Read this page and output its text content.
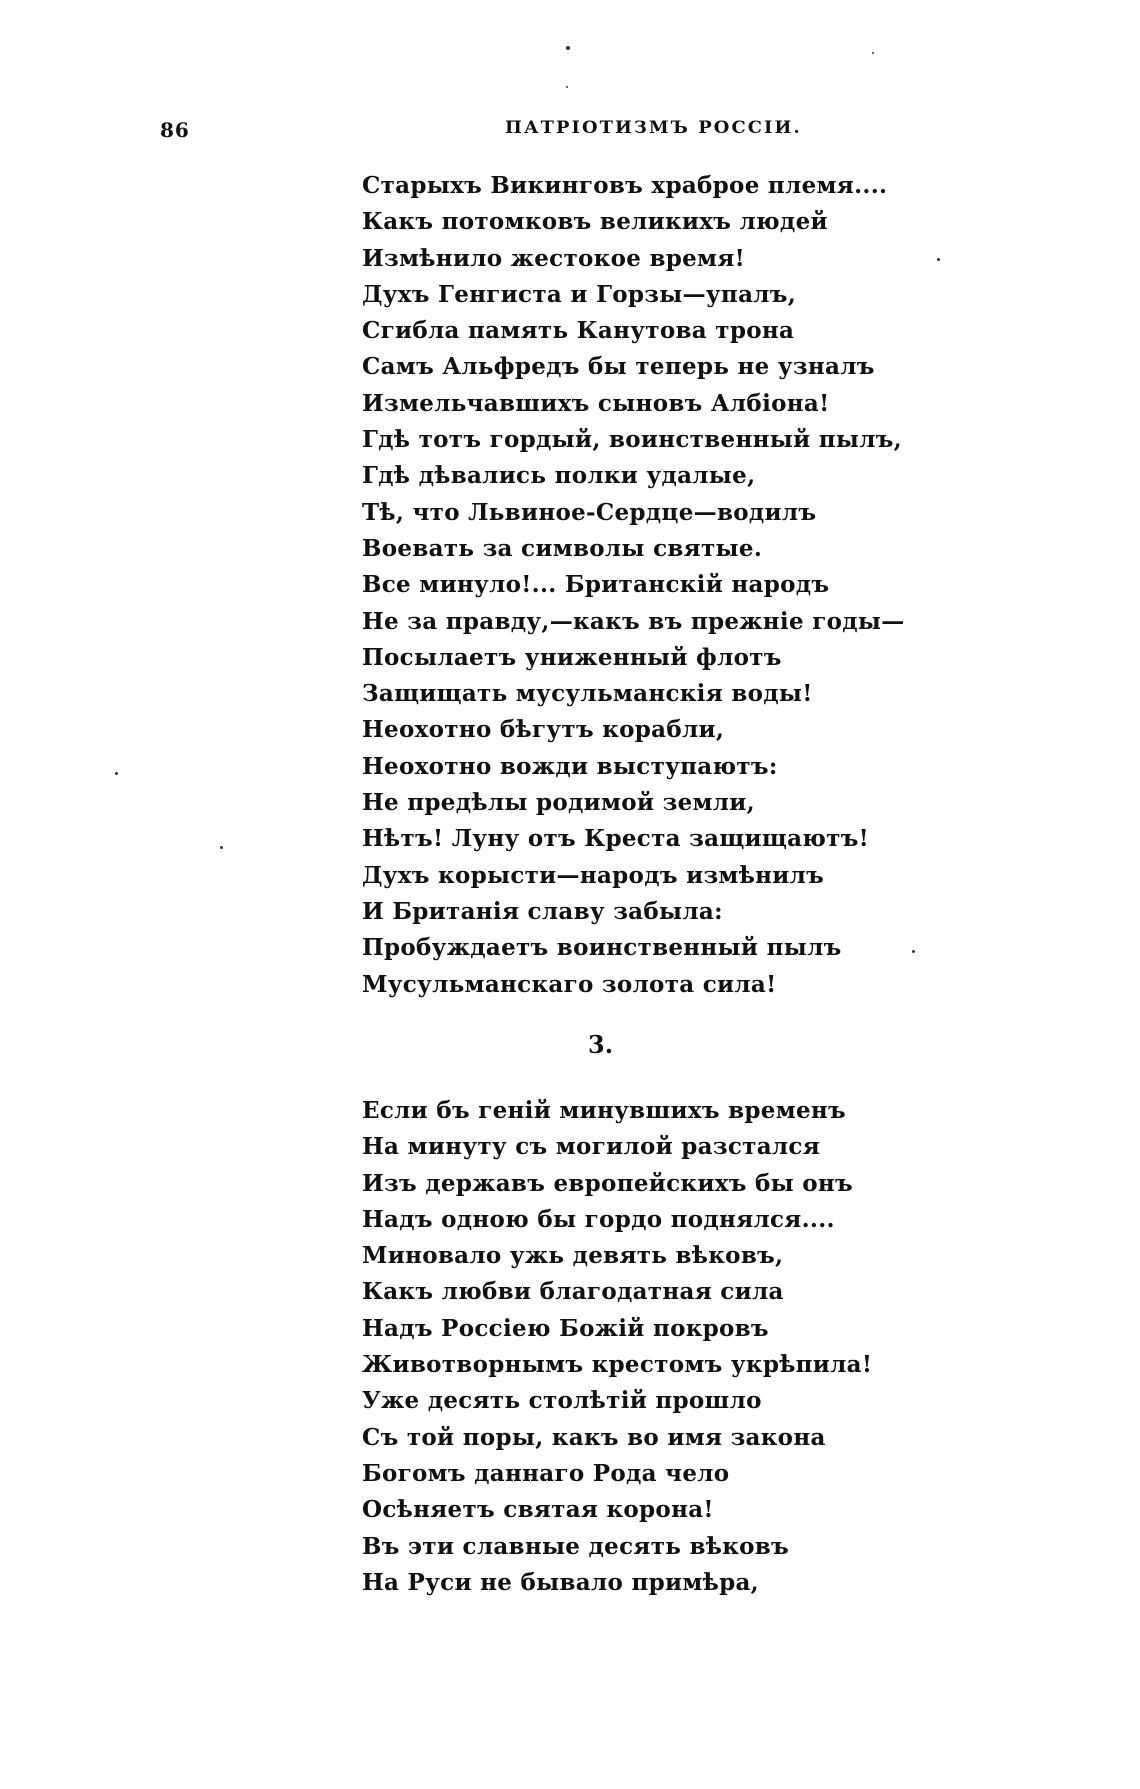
86	ПАТРІОТИЗМЪ РОССІИ.
Старыхъ Викинговъ храброе племя....
Какъ потомковъ великихъ людей
Измѣнило жестокое время!
Духъ Генгиста и Горзы—упалъ,
Сгибла память Канутова трона
Самъ Альфредъ бы теперь не узналъ
Измельчавшихъ сыновъ Албіона!
Гдѣ тотъ гордый, воинственный пылъ,
Гдѣ дѣвались полки удалые,
Тѣ, что Львиное-Сердце—водилъ
Воевать за символы святые.
Все минуло!... Британскій народъ
Не за правду,—какъ въ прежніе годы—
Посылаетъ униженный флотъ
Защищать мусульманскія воды!
Неохотно бѣгутъ корабли,
Неохотно вожди выступаютъ:
Не предѣлы родимой земли,
Нѣтъ! Луну отъ Креста защищаютъ!
Духъ корысти—народъ измѣнилъ
И Британія славу забыла:
Пробуждаетъ воинственный пылъ
Мусульманскаго золота сила!
3.
Если бъ геній минувшихъ временъ
На минуту съ могилой разстался
Изъ державъ европейскихъ бы онъ
Надъ одною бы гордо поднялся....
Миновало ужь девять вѣковъ,
Какъ любви благодатная сила
Надъ Россіею Божій покровъ
Животворнымъ крестомъ укрѣпила!
Уже десять столѣтій прошло
Съ той поры, какъ во имя закона
Богомъ даннаго Рода чело
Осѣняетъ святая корона!
Въ эти славные десять вѣковъ
На Руси не бывало примѣра,
